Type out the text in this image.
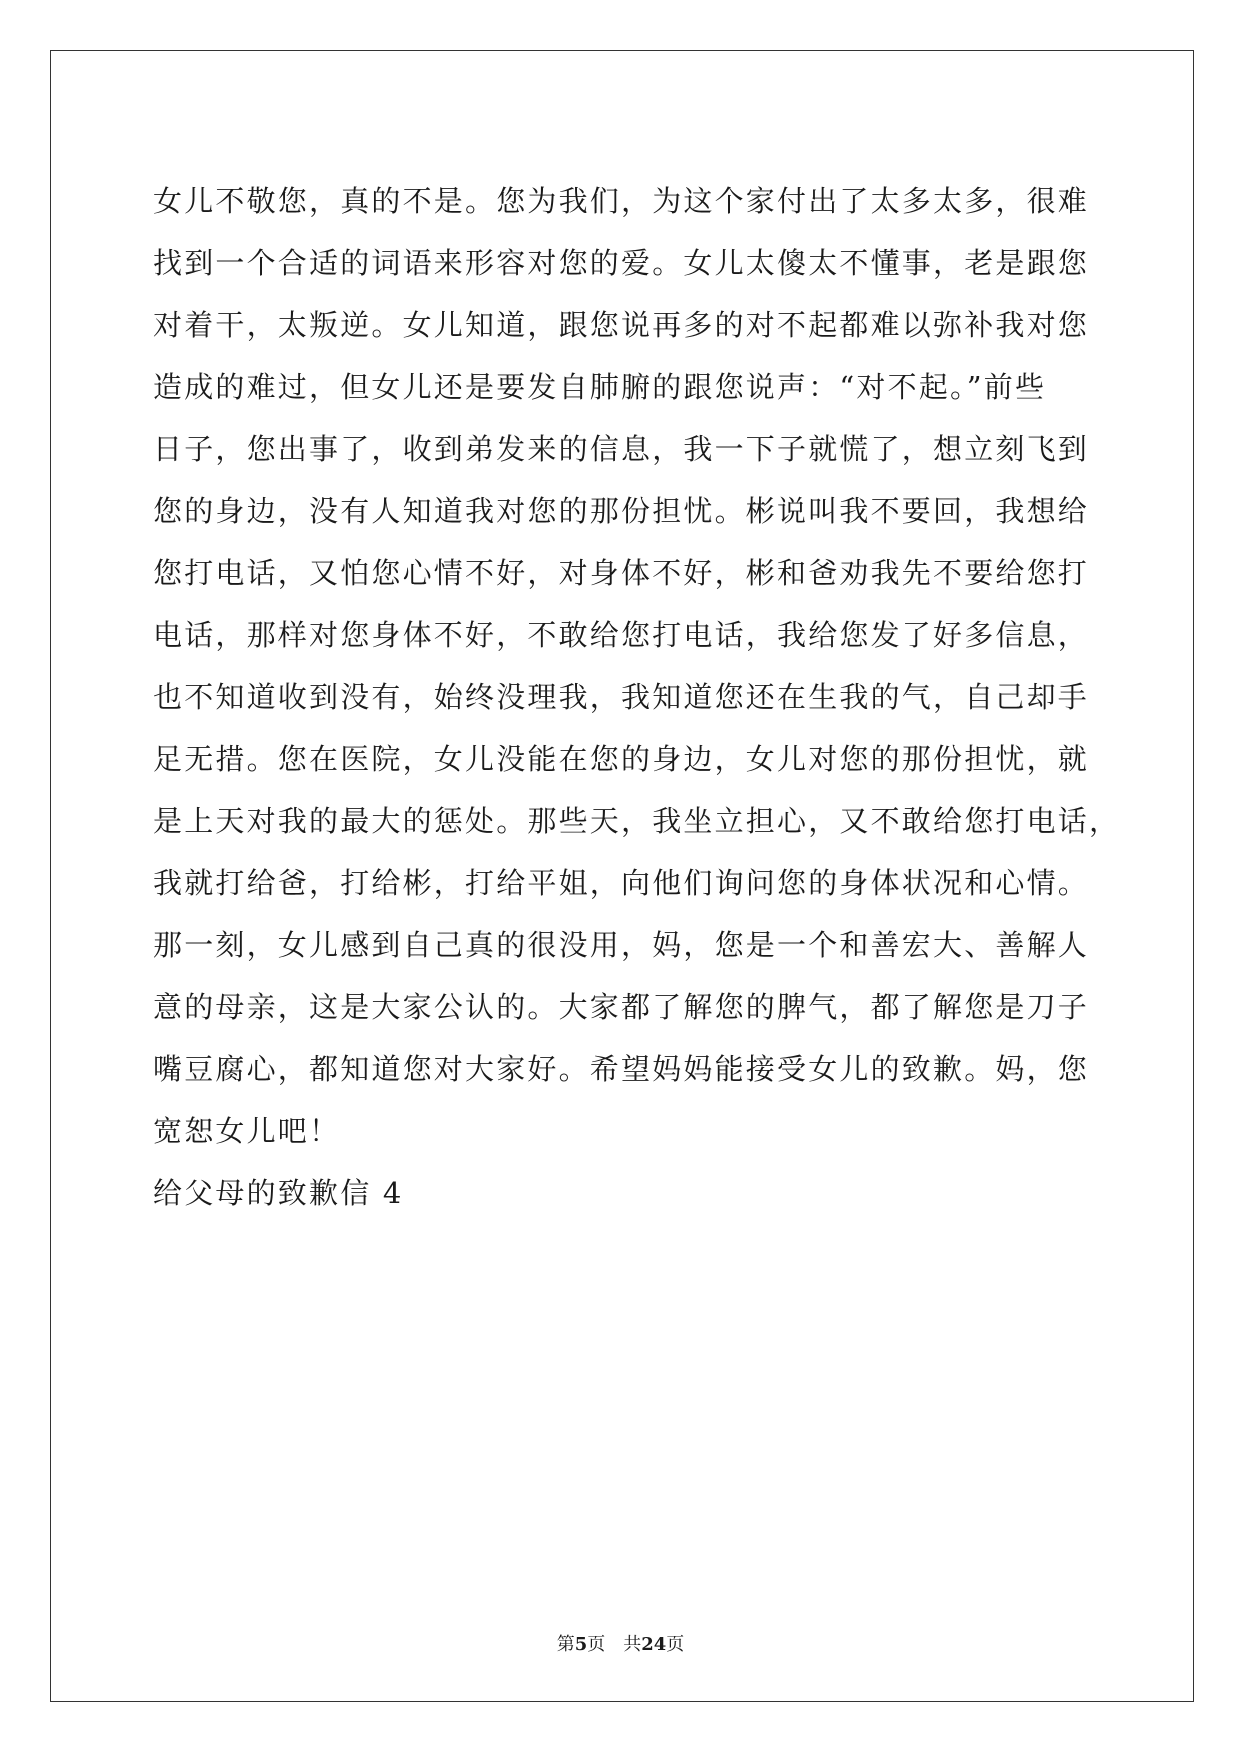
女儿不敬您，真的不是。您为我们，为这个家付出了太多太多，很难
找到一个合适的词语来形容对您的爱。女儿太傻太不懂事，老是跟您
对着干，太叛逆。女儿知道，跟您说再多的对不起都难以弥补我对您
造成的难过，但女儿还是要发自肺腑的跟您说声：“对不起。”前些
日子，您出事了，收到弟发来的信息，我一下子就慌了，想立刻飞到
您的身边，没有人知道我对您的那份担忧。彬说叫我不要回，我想给
您打电话，又怕您心情不好，对身体不好，彬和爸劝我先不要给您打
电话，那样对您身体不好，不敢给您打电话，我给您发了好多信息，
也不知道收到没有，始终没理我，我知道您还在生我的气，自己却手
足无措。您在医院，女儿没能在您的身边，女儿对您的那份担忧，就
是上天对我的最大的惩处。那些天，我坐立担心，又不敢给您打电话，
我就打给爸，打给彬，打给平姐，向他们询问您的身体状况和心情。
那一刻，女儿感到自己真的很没用，妈，您是一个和善宏大、善解人
意的母亲，这是大家公认的。大家都了解您的脾气，都了解您是刀子
嘴豆腐心，都知道您对大家好。希望妈妈能接受女儿的致歉。妈，您
宽恕女儿吧！
给父母的致歉信 4
第5页 共24页
